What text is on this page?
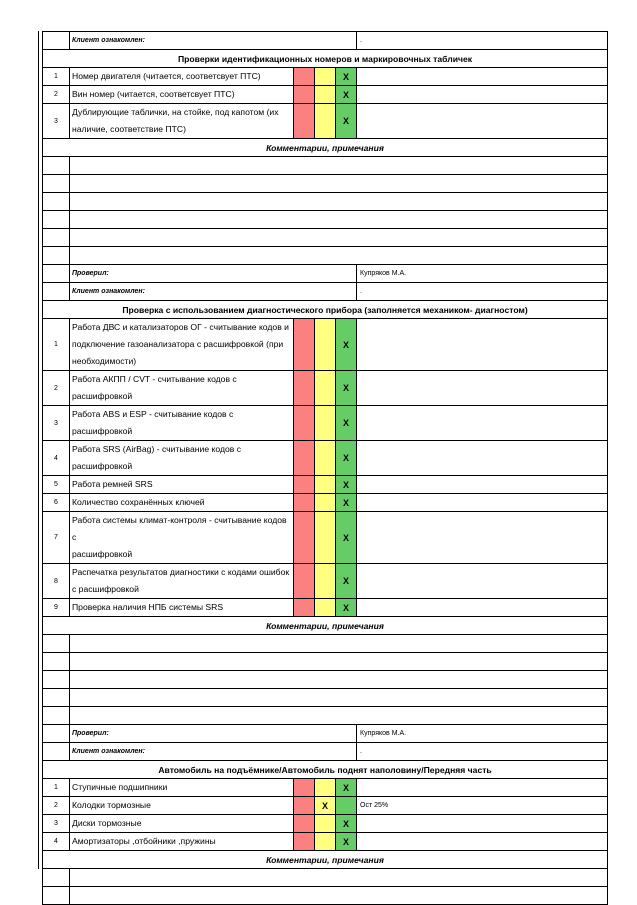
	Клиент ознакомлен:				.
Проверки идентификационных номеров и маркировочных табличек					
1	Номер двигателя (читается, соответсвует ПТС)			X	
2	Вин номер (читается, соответсвует ПТС)			X	
3	Дублирующие таблички, на стойке, под капотом (их
наличие, соответствие ПТС)			X	
Комментарии, примечания					

	Проверил:				Купряков М.А.
	Клиент ознакомлен:				.
Проверка с использованием диагностического прибора (заполняется механиком- диагностом)					
1	Работа ДВС и катализаторов ОГ - считывание кодов и
подключение газоанализатора с расшифровкой (при
необходимости)			X	
2	Работа АКПП / CVT - считывание кодов с
расшифровкой			X	
3	Работа ABS и ESP - считывание кодов с
расшифровкой			X	
4	Работа SRS (AirBag) - считывание кодов с
расшифровкой			X	
5	Работа ремней SRS			X	
6	Количество сохранённых ключей			X	
7	Работа системы климат-контроля - считывание кодов с
расшифровкой			X	
8	Распечатка результатов диагностики с кодами ошибок
с расшифровкой			X	
9	Проверка наличия НПБ системы SRS			X	
Комментарии, примечания					

	Проверил:				Купряков М.А.
	Клиент ознакомлен:				.
Автомобиль на подъёмнике/Автомобиль поднят наполовину/Передняя часть					
1	Ступичные подшипники			X	
2	Колодки тормозные		X		Ост 25%
3	Диски тормозные			X	
4	Амортизаторы ,отбойники ,пружины			X	
Комментарии, примечания					
